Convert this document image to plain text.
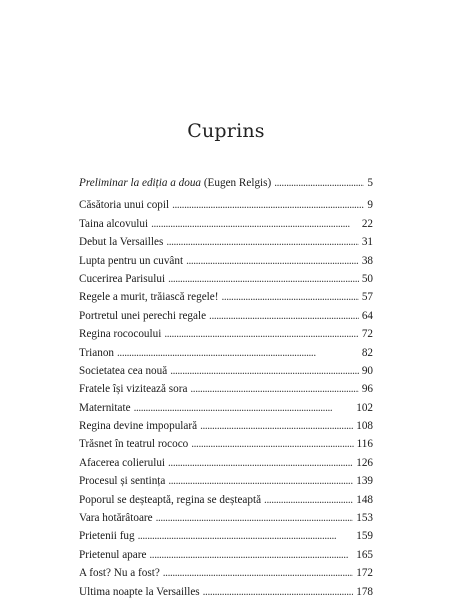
Cuprins
Preliminar la ediția a doua (Eugen Relgis) . . .	5
Căsătoria unui copil . . .	9
Taina alcovului . . .	22
Debut la Versailles . . .	31
Lupta pentru un cuvânt . . .	38
Cucerirea Parisului . . .	50
Regele a murit, trăiască regele! . . .	57
Portretul unei perechi regale . . .	64
Regina rococoului . . .	72
Trianon . . .	82
Societatea cea nouă . . .	90
Fratele își vizitează sora . . .	96
Maternitate . . .	102
Regina devine impopulară . . .	108
Trăsnet în teatrul rococo . . .	116
Afacerea colierului . . .	126
Procesul și sentința . . .	139
Poporul se deșteaptă, regina se deșteaptă . . .	148
Vara hotărâtoare . . .	153
Prietenii fug . . .	159
Prietenul apare . . .	165
A fost? Nu a fost? . . .	172
Ultima noapte la Versailles . . .	178
